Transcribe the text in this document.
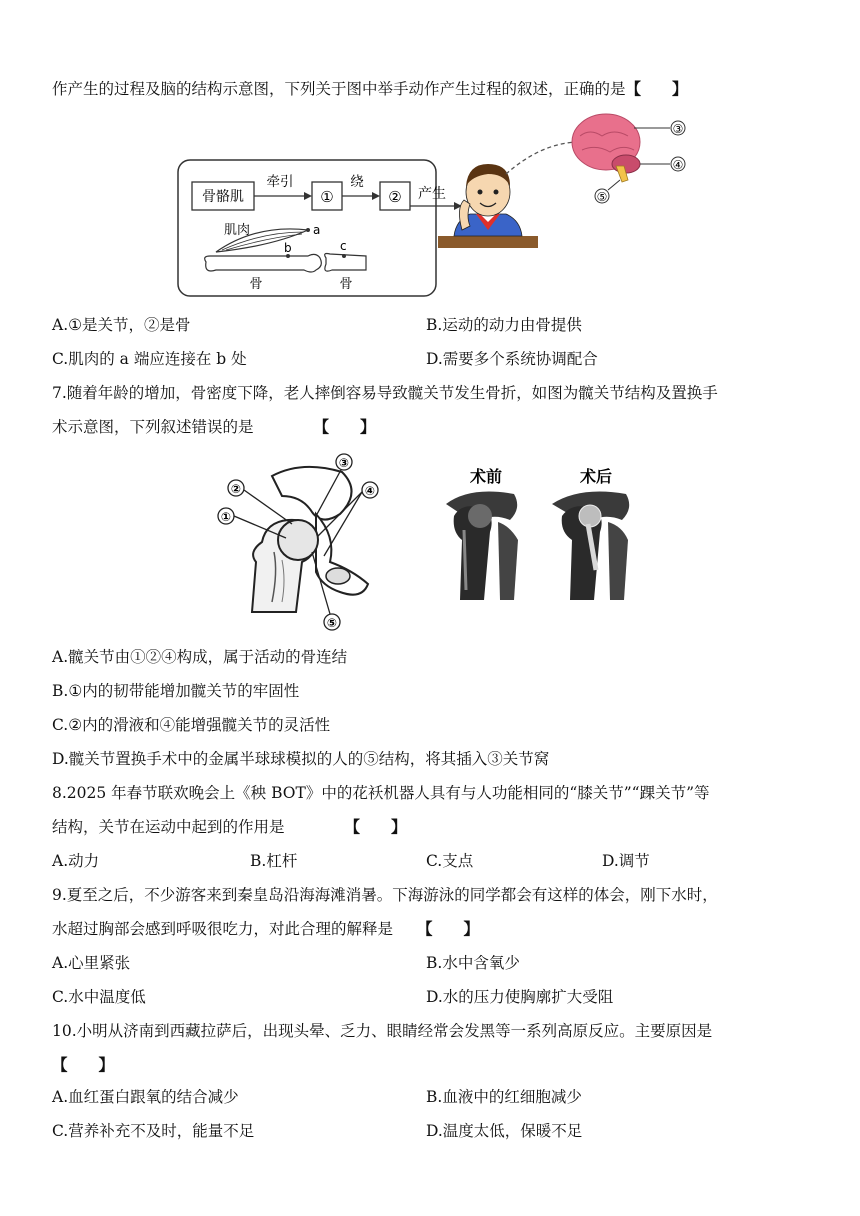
作产生的过程及脑的结构示意图，下列关于图中举手动作产生过程的叙述，正确的是【　　】
骨骼肌
牵引
①
绕
②
肌肉	a
b	c
骨	骨
产生
③
④
⑤
A.①是关节，②是骨	B.运动的动力由骨提供
C.肌肉的 a 端应连接在 b 处	D.需要多个系统协调配合
7.随着年龄的增加，骨密度下降，老人摔倒容易导致髋关节发生骨折，如图为髋关节结构及置换手
术示意图，下列叙述错误的是	【　　】
①
②
③
④
⑤
术前	术后
A.髋关节由①②④构成，属于活动的骨连结
B.①内的韧带能增加髋关节的牢固性
C.②内的滑液和④能增强髋关节的灵活性
D.髋关节置换手术中的金属半球球模拟的人的⑤结构，将其插入③关节窝
8.2025 年春节联欢晚会上《秧 BOT》中的花袄机器人具有与人功能相同的“膝关节”“踝关节”等
结构，关节在运动中起到的作用是	【　　】
A.动力	B.杠杆	C.支点	D.调节
9.夏至之后，不少游客来到秦皇岛沿海海滩消暑。下海游泳的同学都会有这样的体会，刚下水时，
水超过胸部会感到呼吸很吃力，对此合理的解释是 【　　】
A.心里紧张	B.水中含氧少
C.水中温度低	D.水的压力使胸廓扩大受阻
10.小明从济南到西藏拉萨后，出现头晕、乏力、眼睛经常会发黑等一系列高原反应。主要原因是
【　　】
A.血红蛋白跟氧的结合减少	B.血液中的红细胞减少
C.营养补充不及时，能量不足	D.温度太低，保暖不足
